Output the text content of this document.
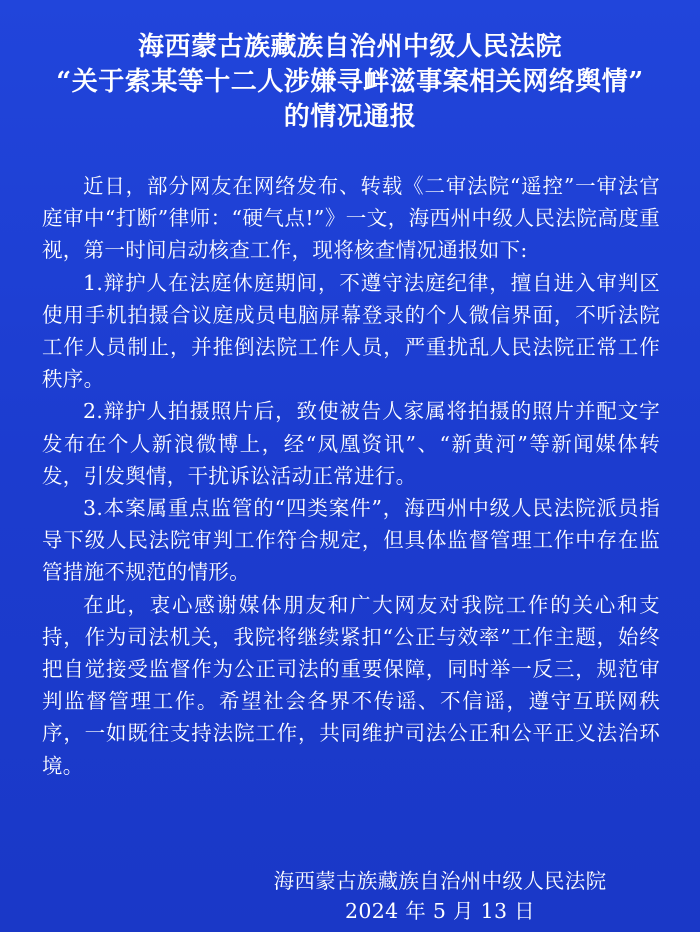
海西蒙古族藏族自治州中级人民法院
“关于索某等十二人涉嫌寻衅滋事案相关网络舆情”
的情况通报

近日，部分网友在网络发布、转载《二审法院“遥控”一审法官庭审中“打断”律师：“硬气点!”》一文，海西州中级人民法院高度重视，第一时间启动核查工作，现将核查情况通报如下:

1.辩护人在法庭休庭期间，不遵守法庭纪律，擅自进入审判区使用手机拍摄合议庭成员电脑屏幕登录的个人微信界面，不听法院工作人员制止，并推倒法院工作人员，严重扰乱人民法院正常工作秩序。

2.辩护人拍摄照片后，致使被告人家属将拍摄的照片并配文字发布在个人新浪微博上，经“凤凰资讯”、“新黄河”等新闻媒体转发，引发舆情，干扰诉讼活动正常进行。

3.本案属重点监管的“四类案件”，海西州中级人民法院派员指导下级人民法院审判工作符合规定，但具体监督管理工作中存在监管措施不规范的情形。

在此，衷心感谢媒体朋友和广大网友对我院工作的关心和支持，作为司法机关，我院将继续紧扣“公正与效率”工作主题，始终把自觉接受监督作为公正司法的重要保障，同时举一反三，规范审判监督管理工作。希望社会各界不传谣、不信谣，遵守互联网秩序，一如既往支持法院工作，共同维护司法公正和公平正义法治环境。

海西蒙古族藏族自治州中级人民法院
2024 年 5 月 13 日
